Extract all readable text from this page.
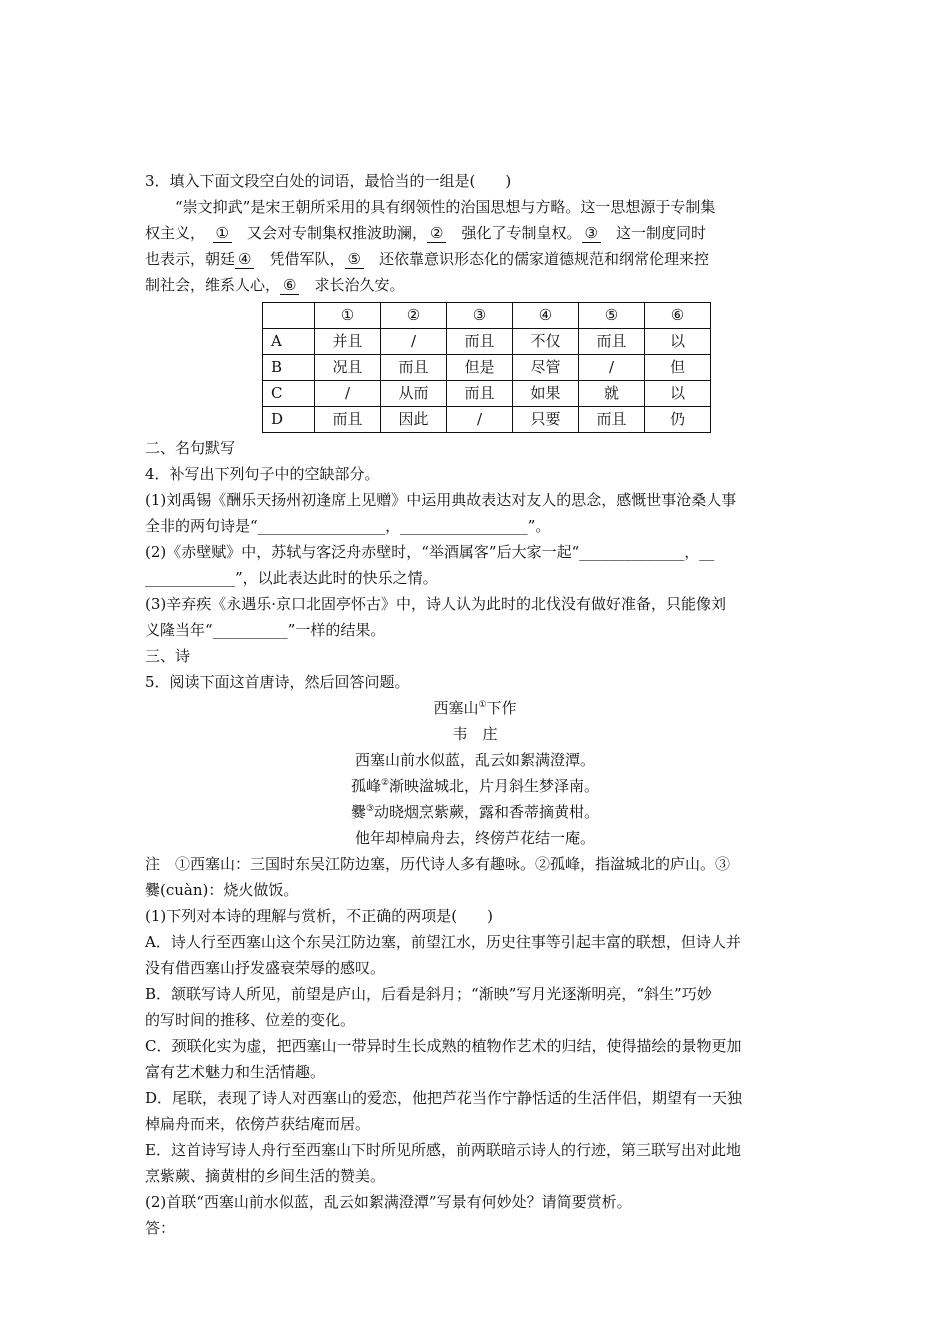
3．填入下面文段空白处的词语，最恰当的一组是(　　)
“崇文抑武”是宋王朝所采用的具有纲领性的治国思想与方略。这一思想源于专制集
权主义，　 ①　 又会对专制集权推波助澜， ②　 强化了专制皇权。 ③　 这一制度同时
也表示，朝廷 ④　 凭借军队， ⑤　 还依靠意识形态化的儒家道德规范和纲常伦理来控
制社会，维系人心， ⑥　 求长治久安。
	①	②	③	④	⑤	⑥
A	并且	/	而且	不仅	而且	以
B	况且	而且	但是	尽管	/	但
C	/	从而	而且	如果	就	以
D	而且	因此	/	只要	而且	仍
二、名句默写
4．补写出下列句子中的空缺部分。
(1)刘禹锡《酬乐天扬州初逢席上见赠》中运用典故表达对友人的思念，感慨世事沧桑人事
全非的两句诗是“_________________，_________________”。
(2)《赤壁赋》中，苏轼与客泛舟赤壁时，“举酒属客”后大家一起“______________，__
____________”，以此表达此时的快乐之情。
(3)辛弃疾《永遇乐·京口北固亭怀古》中，诗人认为此时的北伐没有做好准备，只能像刘
义隆当年“__________”一样的结果。
三、诗
5．阅读下面这首唐诗，然后回答问题。
西塞山①下作
韦　庄
西塞山前水似蓝，乱云如絮满澄潭。
孤峰②渐映湓城北，片月斜生梦泽南。
爨③动晓烟烹紫蕨，露和香蒂摘黄柑。
他年却棹扁舟去，终傍芦花结一庵。
注　①西塞山：三国时东吴江防边塞，历代诗人多有趣咏。②孤峰，指湓城北的庐山。③
爨(cuàn)：烧火做饭。
(1)下列对本诗的理解与赏析，不正确的两项是(　　)
A．诗人行至西塞山这个东吴江防边塞，前望江水，历史往事等引起丰富的联想，但诗人并
没有借西塞山抒发盛衰荣辱的感叹。
B．颔联写诗人所见，前望是庐山，后看是斜月；“渐映”写月光逐渐明亮，“斜生”巧妙
的写时间的推移、位差的变化。
C．颈联化实为虚，把西塞山一带异时生长成熟的植物作艺术的归结，使得描绘的景物更加
富有艺术魅力和生活情趣。
D．尾联，表现了诗人对西塞山的爱恋，他把芦花当作宁静恬适的生活伴侣，期望有一天独
棹扁舟而来，依傍芦获结庵而居。
E．这首诗写诗人舟行至西塞山下时所见所感，前两联暗示诗人的行迹，第三联写出对此地
烹紫蕨、摘黄柑的乡间生活的赞美。
(2)首联“西塞山前水似蓝，乱云如絮满澄潭”写景有何妙处？请简要赏析。
答：
